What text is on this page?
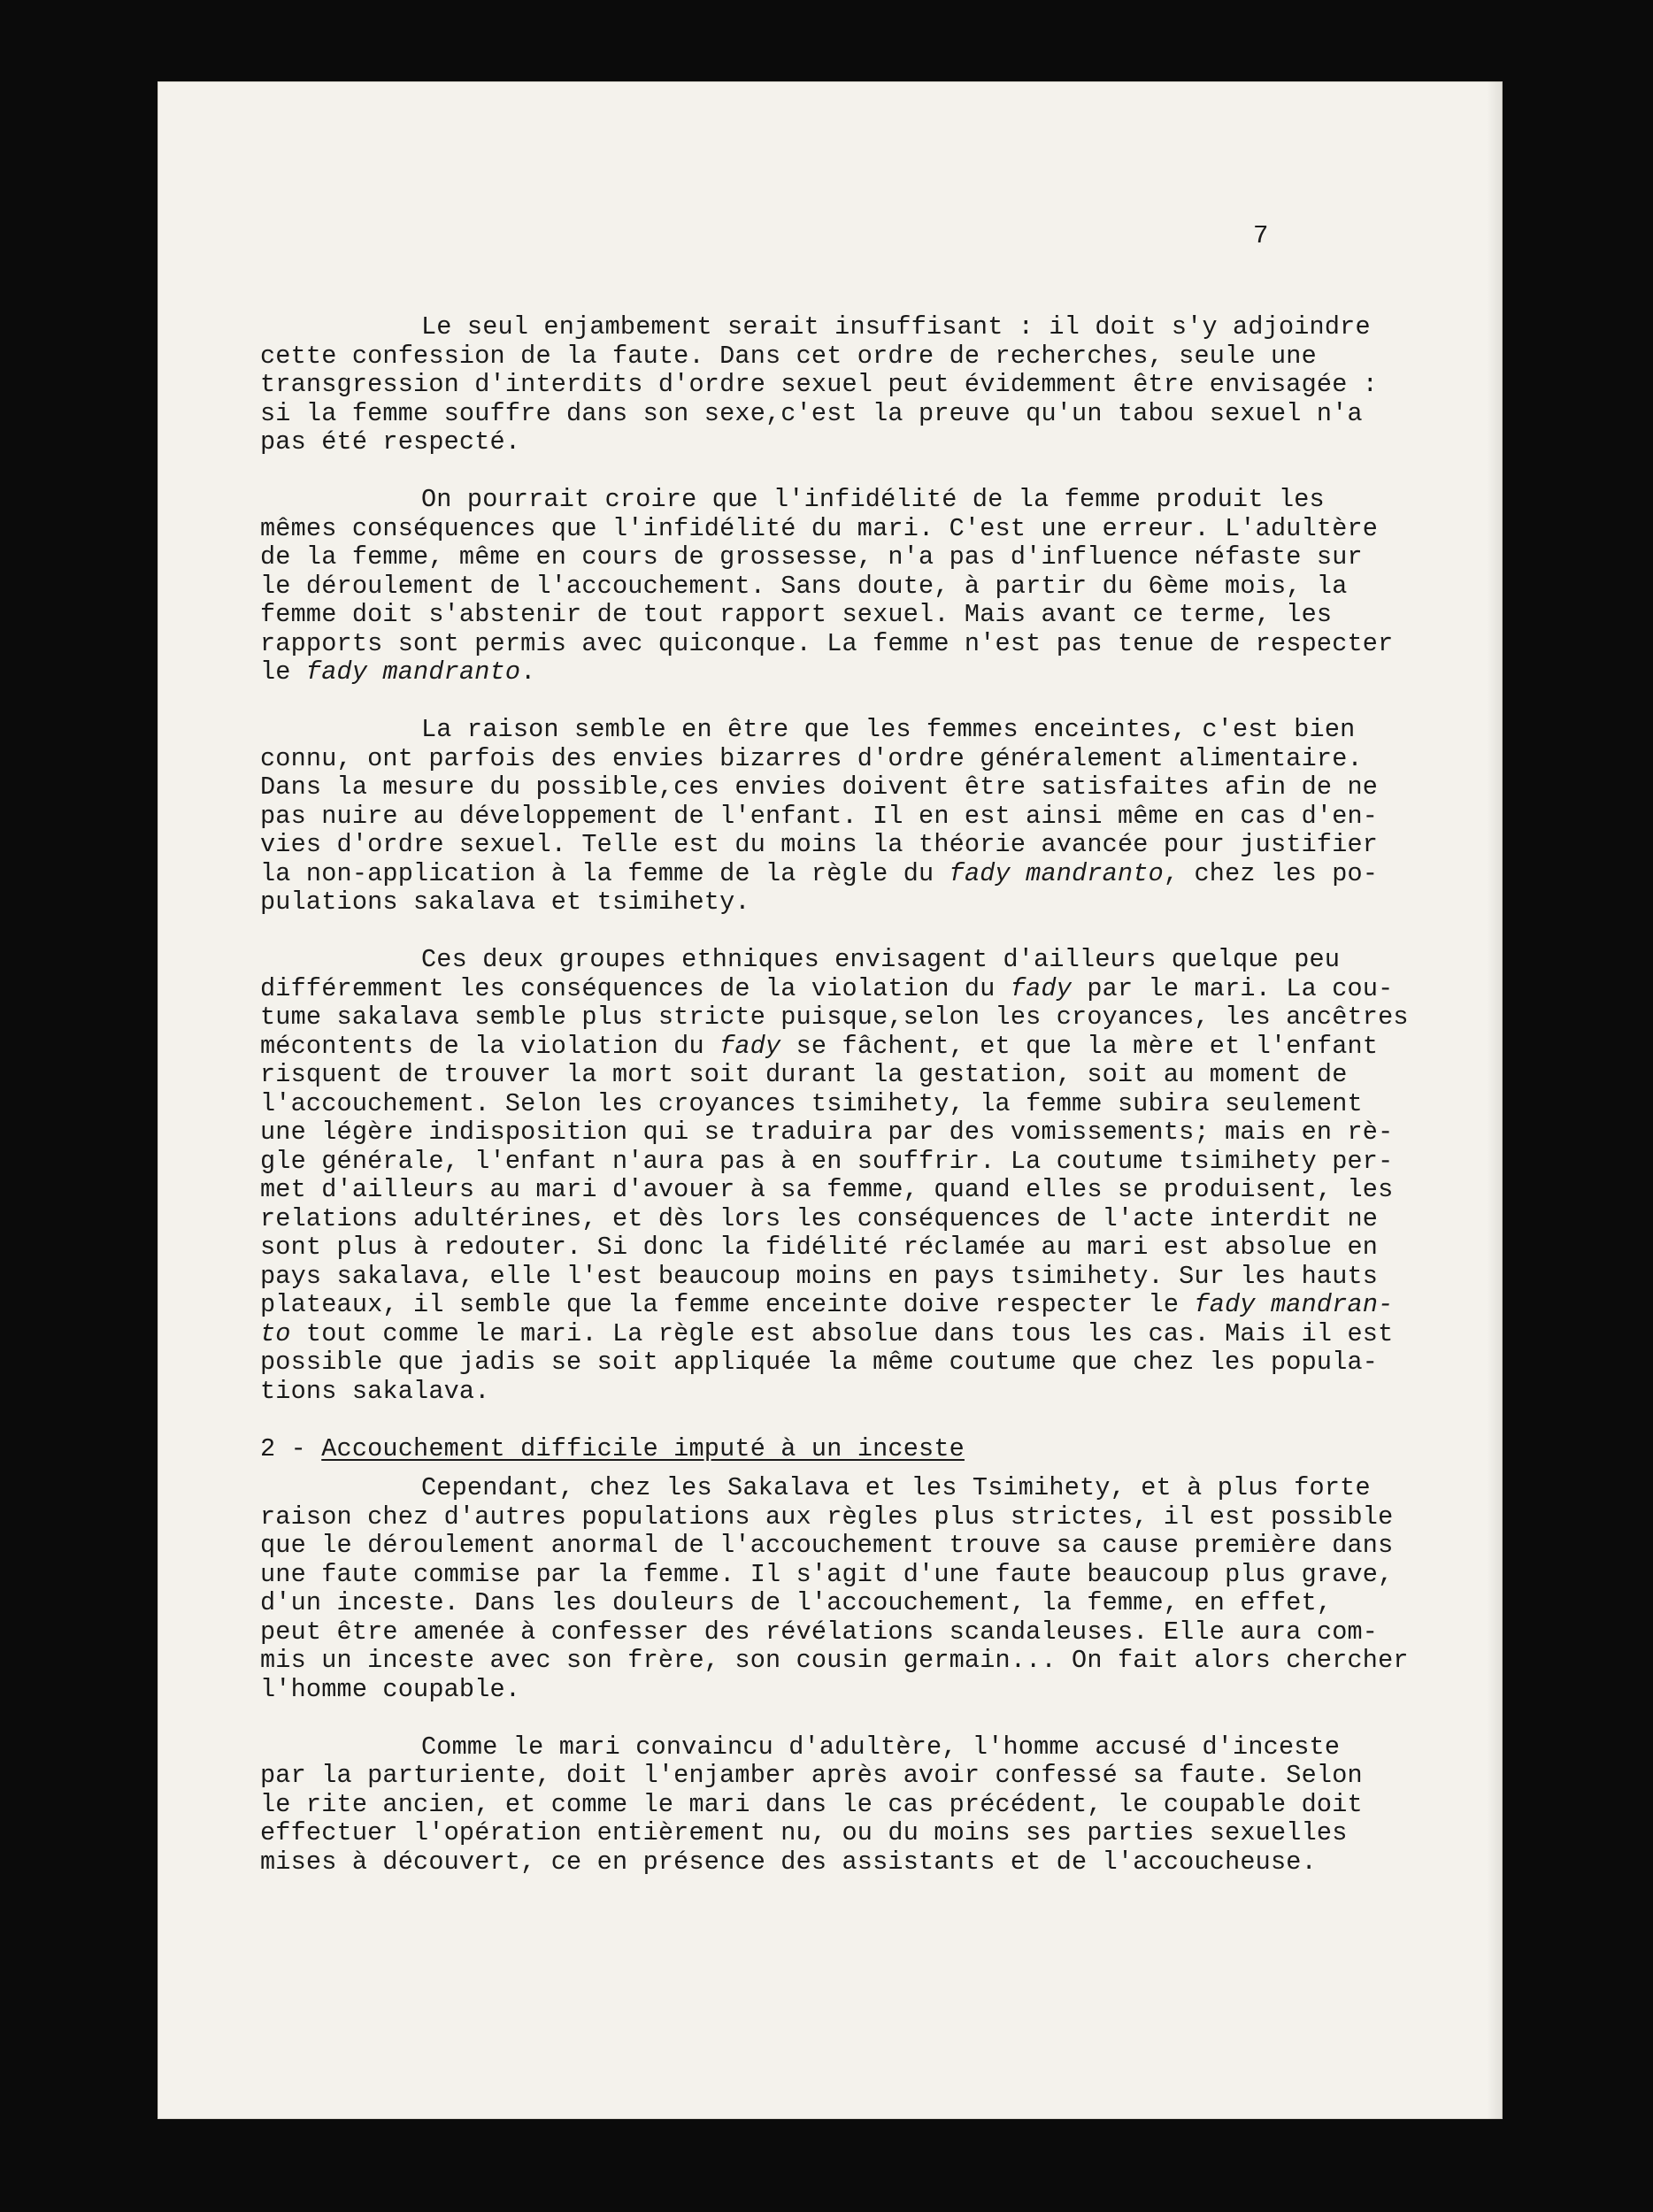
7

Le seul enjambement serait insuffisant : il doit s'y adjoindre
cette confession de la faute. Dans cet ordre de recherches, seule une
transgression d'interdits d'ordre sexuel peut évidemment être envisagée :
si la femme souffre dans son sexe,c'est la preuve qu'un tabou sexuel n'a
pas été respecté.
On pourrait croire que l'infidélité de la femme produit les
mêmes conséquences que l'infidélité du mari. C'est une erreur. L'adultère
de la femme, même en cours de grossesse, n'a pas d'influence néfaste sur
le déroulement de l'accouchement. Sans doute, à partir du 6ème mois, la
femme doit s'abstenir de tout rapport sexuel. Mais avant ce terme, les
rapports sont permis avec quiconque. La femme n'est pas tenue de respecter
le fady mandranto.
La raison semble en être que les femmes enceintes, c'est bien
connu, ont parfois des envies bizarres d'ordre généralement alimentaire.
Dans la mesure du possible,ces envies doivent être satisfaites afin de ne
pas nuire au développement de l'enfant. Il en est ainsi même en cas d'en-
vies d'ordre sexuel. Telle est du moins la théorie avancée pour justifier
la non-application à la femme de la règle du fady mandranto, chez les po-
pulations sakalava et tsimihety.
Ces deux groupes ethniques envisagent d'ailleurs quelque peu
différemment les conséquences de la violation du fady par le mari. La cou-
tume sakalava semble plus stricte puisque,selon les croyances, les ancêtres
mécontents de la violation du fady se fâchent, et que la mère et l'enfant
risquent de trouver la mort soit durant la gestation, soit au moment de
l'accouchement. Selon les croyances tsimihety, la femme subira seulement
une légère indisposition qui se traduira par des vomissements; mais en rè-
gle générale, l'enfant n'aura pas à en souffrir. La coutume tsimihety per-
met d'ailleurs au mari d'avouer à sa femme, quand elles se produisent, les
relations adultérines, et dès lors les conséquences de l'acte interdit ne
sont plus à redouter. Si donc la fidélité réclamée au mari est absolue en
pays sakalava, elle l'est beaucoup moins en pays tsimihety. Sur les hauts
plateaux, il semble que la femme enceinte doive respecter le fady mandran-
to tout comme le mari. La règle est absolue dans tous les cas. Mais il est
possible que jadis se soit appliquée la même coutume que chez les popula-
tions sakalava.
2 - Accouchement difficile imputé à un inceste
Cependant, chez les Sakalava et les Tsimihety, et à plus forte
raison chez d'autres populations aux règles plus strictes, il est possible
que le déroulement anormal de l'accouchement trouve sa cause première dans
une faute commise par la femme. Il s'agit d'une faute beaucoup plus grave,
d'un inceste. Dans les douleurs de l'accouchement, la femme, en effet,
peut être amenée à confesser des révélations scandaleuses. Elle aura com-
mis un inceste avec son frère, son cousin germain... On fait alors chercher
l'homme coupable.
Comme le mari convaincu d'adultère, l'homme accusé d'inceste
par la parturiente, doit l'enjamber après avoir confessé sa faute. Selon
le rite ancien, et comme le mari dans le cas précédent, le coupable doit
effectuer l'opération entièrement nu, ou du moins ses parties sexuelles
mises à découvert, ce en présence des assistants et de l'accoucheuse.
